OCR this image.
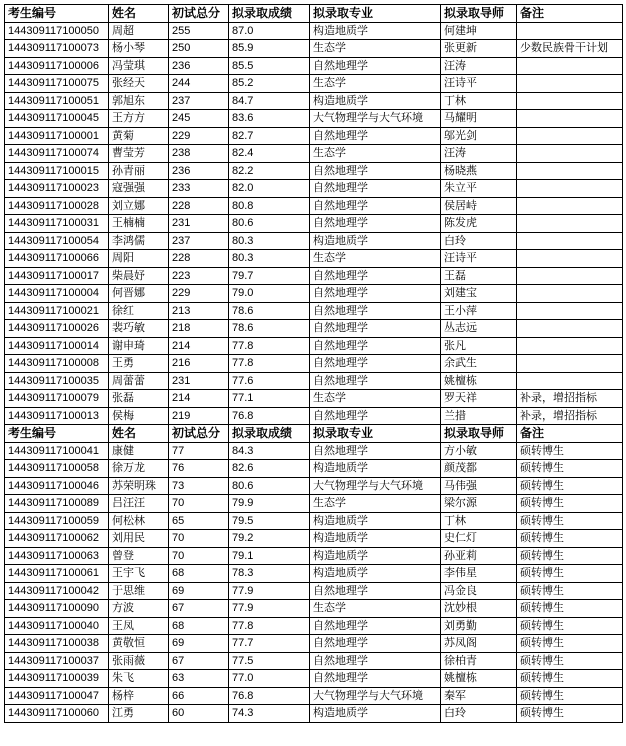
考生编号	姓名	初试总分	拟录取成绩	拟录取专业	拟录取导师	备注
144309117100050	周超	255	87.0	构造地质学	何建坤	
144309117100073	杨小琴	250	85.9	生态学	张更新	少数民族骨干计划
144309117100006	冯莹琪	236	85.5	自然地理学	汪涛	
144309117100075	张经天	244	85.2	生态学	汪诗平	
144309117100051	郭旭东	237	84.7	构造地质学	丁林	
144309117100045	王方方	245	83.6	大气物理学与大气环境	马耀明	
144309117100001	黄菊	229	82.7	自然地理学	邬光剑	
144309117100074	曹莹芳	238	82.4	生态学	汪涛	
144309117100015	孙青丽	236	82.2	自然地理学	杨晓燕	
144309117100023	寇强强	233	82.0	自然地理学	朱立平	
144309117100028	刘立娜	228	80.8	自然地理学	侯居峙	
144309117100031	王楠楠	231	80.6	自然地理学	陈发虎	
144309117100054	李鸿儒	237	80.3	构造地质学	白玲	
144309117100066	周阳	228	80.3	生态学	汪诗平	
144309117100017	柴晨妤	223	79.7	自然地理学	王磊	
144309117100004	何晋娜	229	79.0	自然地理学	刘建宝	
144309117100021	徐红	213	78.6	自然地理学	王小萍	
144309117100026	裴巧敏	218	78.6	自然地理学	丛志远	
144309117100014	谢申琦	214	77.8	自然地理学	张凡	
144309117100008	王勇	216	77.8	自然地理学	余武生	
144309117100035	周蕾蕾	231	77.6	自然地理学	姚檀栋	
144309117100079	张磊	214	77.1	生态学	罗天祥	补录，增招指标
144309117100013	侯梅	219	76.8	自然地理学	兰措	补录，增招指标
考生编号	姓名	初试总分	拟录取成绩	拟录取专业	拟录取导师	备注
144309117100041	康健	77	84.3	自然地理学	方小敏	硕转博生
144309117100058	徐万龙	76	82.6	构造地质学	颜茂都	硕转博生
144309117100046	苏荣明珠	73	80.6	大气物理学与大气环境	马伟强	硕转博生
144309117100089	吕汪汪	70	79.9	生态学	梁尔源	硕转博生
144309117100059	何松林	65	79.5	构造地质学	丁林	硕转博生
144309117100062	刘用民	70	79.2	构造地质学	史仁灯	硕转博生
144309117100063	曾登	70	79.1	构造地质学	孙亚莉	硕转博生
144309117100061	王宇飞	68	78.3	构造地质学	李伟星	硕转博生
144309117100042	于思维	69	77.9	自然地理学	冯金良	硕转博生
144309117100090	方波	67	77.9	生态学	沈妙根	硕转博生
144309117100040	王凤	68	77.8	自然地理学	刘勇勤	硕转博生
144309117100038	黄敬恒	69	77.7	自然地理学	苏凤阁	硕转博生
144309117100037	张雨薇	67	77.5	自然地理学	徐柏青	硕转博生
144309117100039	朱飞	63	77.0	自然地理学	姚檀栋	硕转博生
144309117100047	杨梓	66	76.8	大气物理学与大气环境	秦军	硕转博生
144309117100060	江勇	60	74.3	构造地质学	白玲	硕转博生
